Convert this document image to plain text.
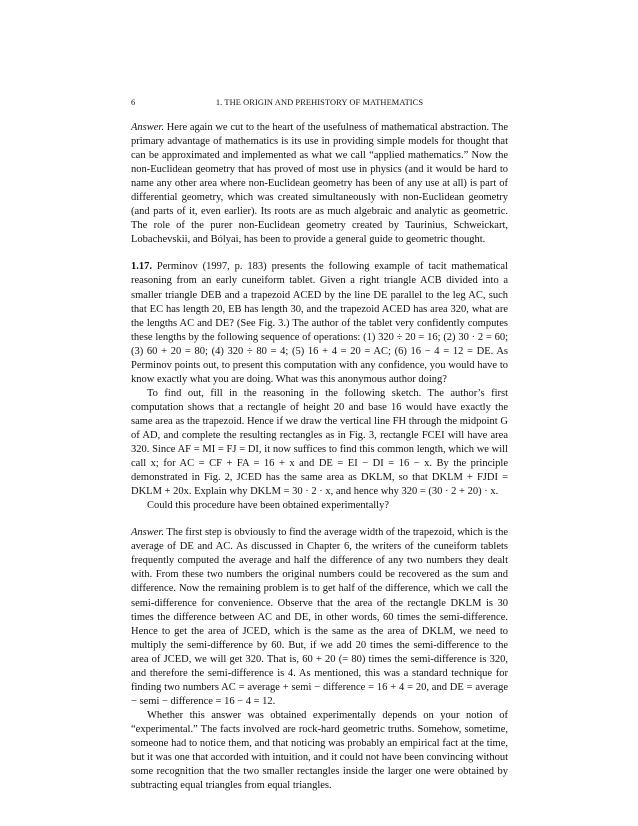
6	1. THE ORIGIN AND PREHISTORY OF MATHEMATICS

Answer. Here again we cut to the heart of the usefulness of mathematical abstraction. The primary advantage of mathematics is its use in providing simple models for thought that can be approximated and implemented as what we call “applied mathematics.” Now the non-Euclidean geometry that has proved of most use in physics (and it would be hard to name any other area where non-Euclidean geometry has been of any use at all) is part of differential geometry, which was created simultaneously with non-Euclidean geometry (and parts of it, even earlier). Its roots are as much algebraic and analytic as geometric. The role of the purer non-Euclidean geometry created by Taurinius, Schweickart, Lobachevskii, and Bólyai, has been to provide a general guide to geometric thought.

1.17. Perminov (1997, p. 183) presents the following example of tacit mathematical reasoning from an early cuneiform tablet. Given a right triangle ACB divided into a smaller triangle DEB and a trapezoid ACED by the line DE parallel to the leg AC, such that EC has length 20, EB has length 30, and the trapezoid ACED has area 320, what are the lengths AC and DE? (See Fig. 3.) The author of the tablet very confidently computes these lengths by the following sequence of operations: (1) 320 ÷ 20 = 16; (2) 30 · 2 = 60; (3) 60 + 20 = 80; (4) 320 ÷ 80 = 4; (5) 16 + 4 = 20 = AC; (6) 16 − 4 = 12 = DE. As Perminov points out, to present this computation with any confidence, you would have to know exactly what you are doing. What was this anonymous author doing?

To find out, fill in the reasoning in the following sketch. The author’s first computation shows that a rectangle of height 20 and base 16 would have exactly the same area as the trapezoid. Hence if we draw the vertical line FH through the midpoint G of AD, and complete the resulting rectangles as in Fig. 3, rectangle FCEI will have area 320. Since AF = MI = FJ = DI, it now suffices to find this common length, which we will call x; for AC = CF + FA = 16 + x and DE = EI − DI = 16 − x. By the principle demonstrated in Fig. 2, JCED has the same area as DKLM, so that DKLM + FJDI = DKLM + 20x. Explain why DKLM = 30 · 2 · x, and hence why 320 = (30 · 2 + 20) · x.

Could this procedure have been obtained experimentally?

Answer. The first step is obviously to find the average width of the trapezoid, which is the average of DE and AC. As discussed in Chapter 6, the writers of the cuneiform tablets frequently computed the average and half the difference of any two numbers they dealt with. From these two numbers the original numbers could be recovered as the sum and difference. Now the remaining problem is to get half of the difference, which we call the semi-difference for convenience. Observe that the area of the rectangle DKLM is 30 times the difference between AC and DE, in other words, 60 times the semi-difference. Hence to get the area of JCED, which is the same as the area of DKLM, we need to multiply the semi-difference by 60. But, if we add 20 times the semi-difference to the area of JCED, we will get 320. That is, 60 + 20 (= 80) times the semi-difference is 320, and therefore the semi-difference is 4. As mentioned, this was a standard technique for finding two numbers AC = average + semi − difference = 16 + 4 = 20, and DE = average − semi − difference = 16 − 4 = 12.

Whether this answer was obtained experimentally depends on your notion of “experimental.” The facts involved are rock-hard geometric truths. Somehow, sometime, someone had to notice them, and that noticing was probably an empirical fact at the time, but it was one that accorded with intuition, and it could not have been convincing without some recognition that the two smaller rectangles inside the larger one were obtained by subtracting equal triangles from equal triangles.
